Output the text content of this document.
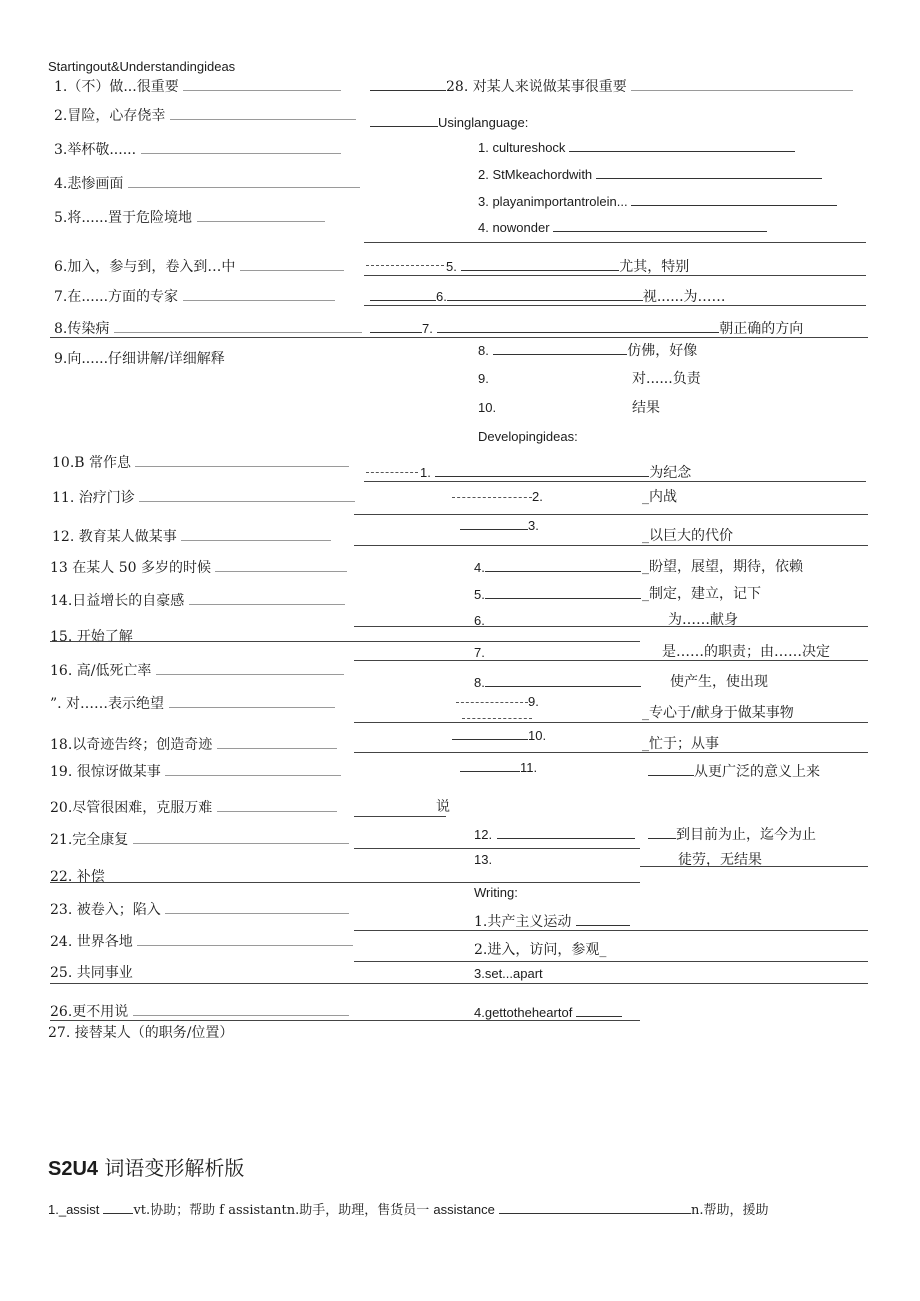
Startingout&Understandingideas
1.（不）做...很重要
2.冒险，心存侥幸
3.举杯敬......
4.悲惨画面
5.将......置于危险境地
6.加入，参与到，卷入到…中
7.在......方面的专家
8.传染病
9.向......仔细讲解/详细解释
10.B 常作息
11. 治疗门诊
12. 教育某人做某事
13 在某人 50 多岁的时候
14.日益增长的自豪感
15. 开始了解
16. 高/低死亡率
”. 对……表示绝望
18.以奇迹告终；创造奇迹
19. 很惊讶做某事
20.尽管很困难，克服万难
21.完全康复
22. 补偿
23. 被卷入；陷入
24. 世界各地
25. 共同事业
26.更不用说
27. 接替某人（的职务/位置）
28. 对某人来说做某事很重要
Usinglanguage:
1. cultureshock
2. StMkeachordwith
3. playanimportantrolein...
4. nowonder
5.	尤其，特别
6.	视......为……
7.	朝正确的方向
8.	仿佛，好像
9.	对......负责
10.	结果
Developingideas:
1.	为纪念
2.	_内战
3.
_以巨大的代价
4.	_盼望，展望，期待，依赖
5.	_制定，建立，记下
6.	为……献身
7.	是……的职责；由……决定
8.	使产生，使出现
9.
_专心于/献身于做某事物
10.
_忙于；从事
11.	从更广泛的意义上来
说
12.	到目前为止，迄今为止
13.	徒劳，无结果
Writing:
1.共产主义运动
2.进入，访问，参观_
3.set...apart
4.gettotheheartof
S2U4 词语变形解析版
1._assist	vt.协助；帮助 f assistantn.助手，助理，售货员一 assistance	n.帮助，援助
